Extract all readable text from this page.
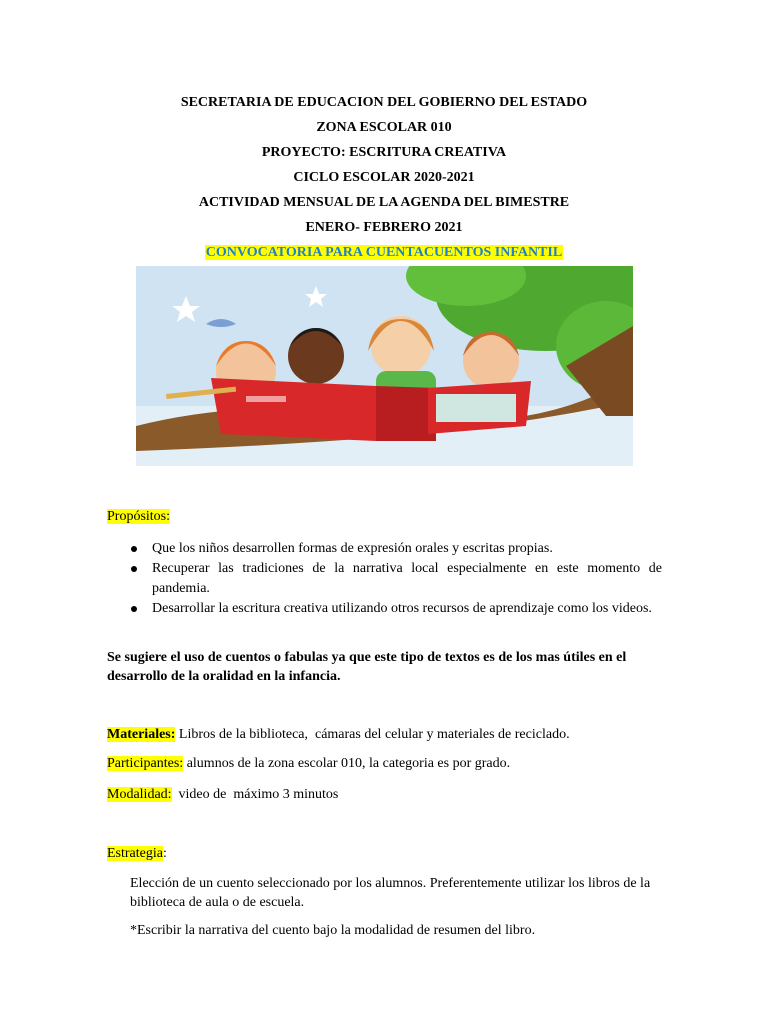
SECRETARIA DE EDUCACION DEL GOBIERNO DEL ESTADO
ZONA ESCOLAR 010
PROYECTO: ESCRITURA CREATIVA
CICLO ESCOLAR 2020-2021
ACTIVIDAD MENSUAL DE LA AGENDA DEL BIMESTRE
ENERO- FEBRERO 2021
CONVOCATORIA PARA CUENTACUENTOS INFANTIL
Propósitos:
Que los niños desarrollen formas de expresión orales y escritas propias.
Recuperar las tradiciones de la narrativa local especialmente en este momento de pandemia.
Desarrollar la escritura creativa utilizando otros recursos de aprendizaje como los videos.
Se sugiere el uso de cuentos o fabulas ya que este tipo de textos es de los mas útiles en el desarrollo de la oralidad en la infancia.
Materiales: Libros de la biblioteca,  cámaras del celular y materiales de reciclado.
Participantes: alumnos de la zona escolar 010, la categoria es por grado.
Modalidad:  video de  máximo 3 minutos
Estrategia:
Elección de un cuento seleccionado por los alumnos. Preferentemente utilizar los libros de la biblioteca de aula o de escuela.
*Escribir la narrativa del cuento bajo la modalidad de resumen del libro.
